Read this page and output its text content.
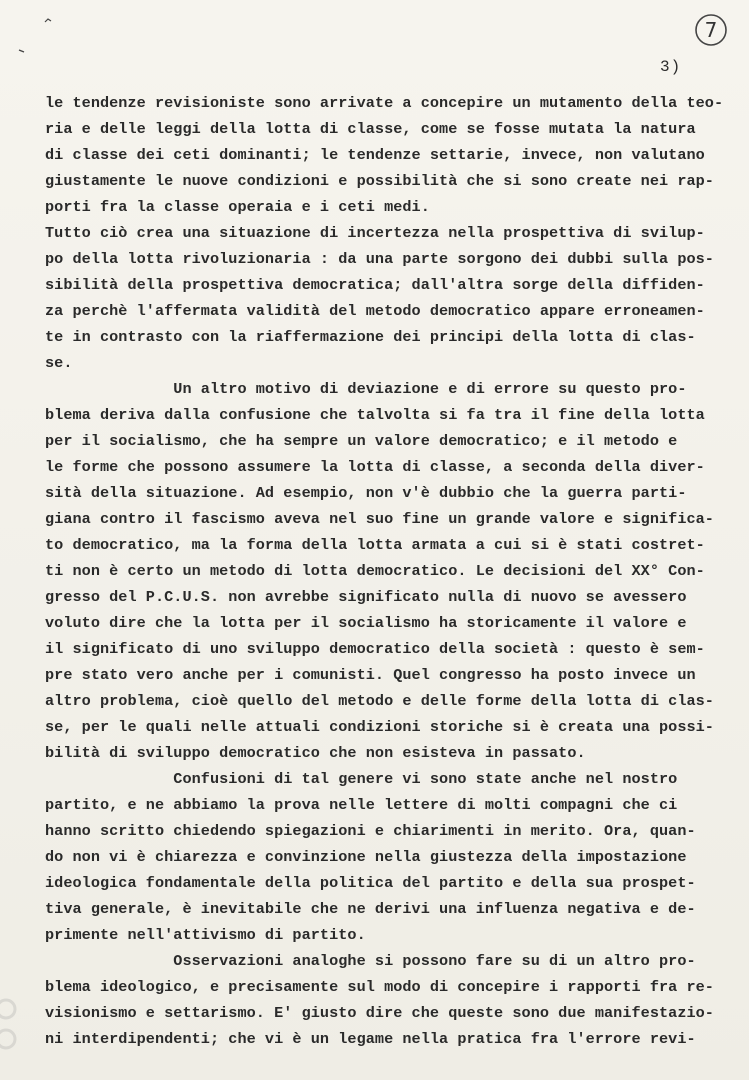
7
3)
le tendenze revisioniste sono arrivate a concepire un mutamento della teo-
ria e delle leggi della lotta di classe, come se fosse mutata la natura
di classe dei ceti dominanti; le tendenze settarie, invece, non valutano
giustamente le nuove condizioni e possibilità che si sono create nei rap-
porti fra la classe operaia e i ceti medi.
Tutto ciò crea una situazione di incertezza nella prospettiva di svilup-
po della lotta rivoluzionaria : da una parte sorgono dei dubbi sulla pos-
sibilità della prospettiva democratica; dall'altra sorge della diffiden-
za perchè l'affermata validità del metodo democratico appare erroneamen-
te in contrasto con la riaffermazione dei principi della lotta di clas-
se.
Un altro motivo di deviazione e di errore su questo pro-
blema deriva dalla confusione che talvolta si fa tra il fine della lotta
per il socialismo, che ha sempre un valore democratico; e il metodo e
le forme che possono assumere la lotta di classe, a seconda della diver-
sità della situazione. Ad esempio, non v'è dubbio che la guerra parti-
giana contro il fascismo aveva nel suo fine un grande valore e significa-
to democratico, ma la forma della lotta armata a cui si è stati costret-
ti non è certo un metodo di lotta democratico. Le decisioni del XX° Con-
gresso del P.C.U.S. non avrebbe significato nulla di nuovo se avessero
voluto dire che la lotta per il socialismo ha storicamente il valore e
il significato di uno sviluppo democratico della società : questo è sem-
pre stato vero anche per i comunisti. Quel congresso ha posto invece un
altro problema, cioè quello del metodo e delle forme della lotta di clas-
se, per le quali nelle attuali condizioni storiche si è creata una possi-
bilità di sviluppo democratico che non esisteva in passato.
Confusioni di tal genere vi sono state anche nel nostro
partito, e ne abbiamo la prova nelle lettere di molti compagni che ci
hanno scritto chiedendo spiegazioni e chiarimenti in merito. Ora, quan-
do non vi è chiarezza e convinzione nella giustezza della impostazione
ideologica fondamentale della politica del partito e della sua prospet-
tiva generale, è inevitabile che ne derivi una influenza negativa e de-
primente nell'attivismo di partito.
Osservazioni analoghe si possono fare su di un altro pro-
blema ideologico, e precisamente sul modo di concepire i rapporti fra re-
visionismo e settarismo. E' giusto dire che queste sono due manifestazio-
ni interdipendenti; che vi è un legame nella pratica fra l'errore revi-
